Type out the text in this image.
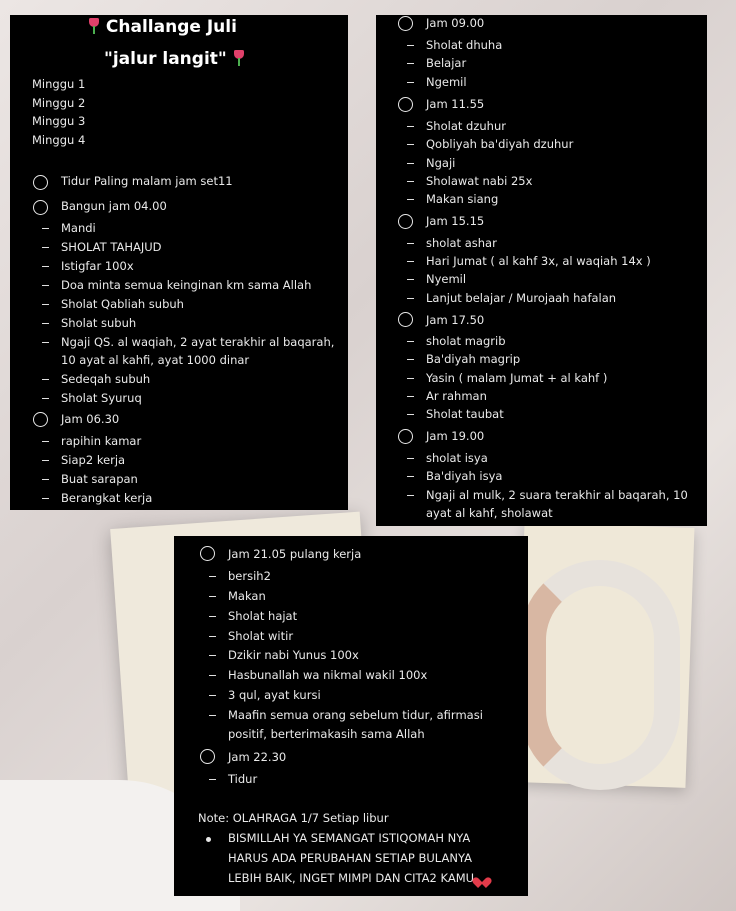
Challange Juli
"jalur langit"
Minggu 1
Minggu 2
Minggu 3
Minggu 4
Tidur Paling malam jam set11
Bangun jam 04.00
Mandi
SHOLAT TAHAJUD
Istigfar 100x
Doa minta semua keinginan km sama Allah
Sholat Qabliah subuh
Sholat subuh
Ngaji QS. al waqiah, 2 ayat terakhir al baqarah,
10 ayat al kahfi, ayat 1000 dinar
Sedeqah subuh
Sholat Syuruq
Jam 06.30
rapihin kamar
Siap2 kerja
Buat sarapan
Berangkat kerja
Jam 09.00
Sholat dhuha
Belajar
Ngemil
Jam 11.55
Sholat dzuhur
Qobliyah ba'diyah dzuhur
Ngaji
Sholawat nabi 25x
Makan siang
Jam 15.15
sholat ashar
Hari Jumat ( al kahf 3x, al waqiah 14x )
Nyemil
Lanjut belajar / Murojaah hafalan
Jam 17.50
sholat magrib
Ba'diyah magrip
Yasin ( malam Jumat + al kahf )
Ar rahman
Sholat taubat
Jam 19.00
sholat isya
Ba'diyah isya
Ngaji al mulk, 2 suara terakhir al baqarah, 10
ayat al kahf, sholawat
Jam 21.05 pulang kerja
bersih2
Makan
Sholat hajat
Sholat witir
Dzikir nabi Yunus 100x
Hasbunallah wa nikmal wakil 100x
3 qul, ayat kursi
Maafin semua orang sebelum tidur, afirmasi
positif, berterimakasih sama Allah
Jam 22.30
Tidur
Note: OLAHRAGA 1/7 Setiap libur
BISMILLAH YA SEMANGAT ISTIQOMAH NYA
HARUS ADA PERUBAHAN SETIAP BULANYA
LEBIH BAIK, INGET MIMPI DAN CITA2 KAMU
